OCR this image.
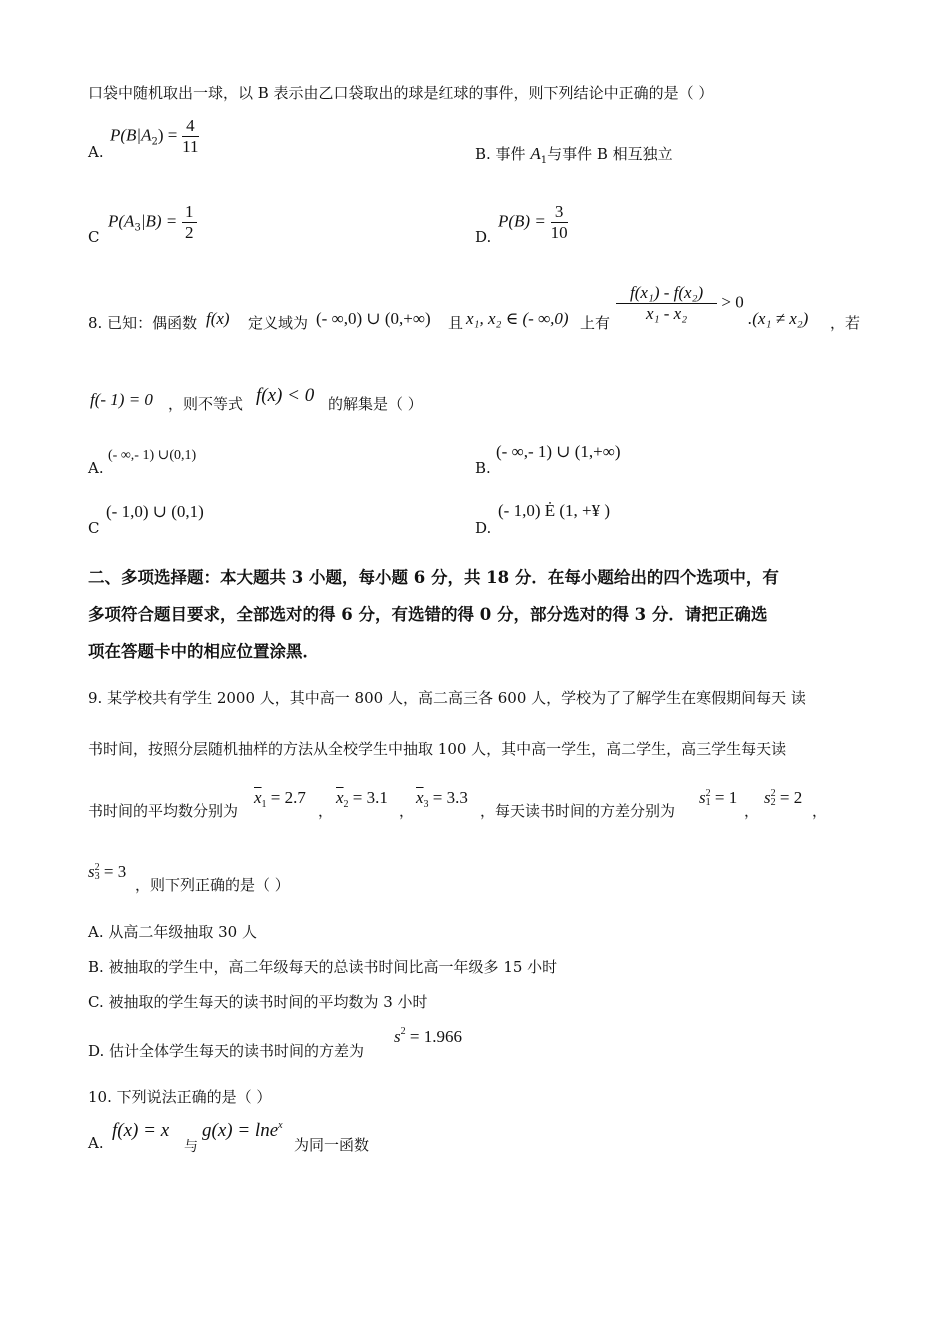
口袋中随机取出一球，以 B 表示由乙口袋取出的球是红球的事件，则下列结论中正确的是（ ）
A.
$P(B|A_2) = \frac{4}{11}$	B. 事件 $A_1$与事件 B 相互独立
C
$P(A_3|B) = \frac{1}{2}$	D.
$P(B) = \frac{3}{10}$
8. 已知：偶函数 f(x) 定义域为 (- ∞,0) ∪ (0,+∞) 且 x₁, x₂ ∈ (- ∞,0) 上有 $\frac{\text{f(x₁) - f(x₂)}}{\text{x₁ - x₂}} > 0$
.(x₁ ≠ x₂) ，若
f(- 1) = 0 ，则不等式 f(x) < 0 的解集是（ ）
A.
(- ∞,- 1) ∪(0,1)
B.
(- ∞,- 1) ∪ (1,+∞)
C
(- 1,0) ∪ (0,1)
D.
(- 1,0) Ė (1, +¥ )
二、多项选择题：本大题共 3 小题，每小题 6 分，共 18 分．在每小题给出的四个选项中，有
多项符合题目要求，全部选对的得 6 分，有选错的得 0 分，部分选对的得 3 分．请把正确选
项在答题卡中的相应位置涂黑．
9. 某学校共有学生 2000 人，其中高一 800 人，高二高三各 600 人，学校为了了解学生在寒假期间每天 读
书时间，按照分层随机抽样的方法从全校学生中抽取 100 人，其中高一学生，高二学生，高三学生每天读
书时间的平均数分别为
$\overline{x}_1 = 2.7$
，
$\overline{x}_2 = 3.1$
，
$\overline{x}_3 = 3.3$
，每天读书时间的方差分别为
s 2
1 = 1
，
s 2
2 = 2
，
s 2
3 = 3
，则下列正确的是（ ）
A. 从高二年级抽取 30 人
B. 被抽取的学生中，高二年级每天的总读书时间比高一年级多 15 小时
C. 被抽取的学生每天的读书时间的平均数为 3 小时
D. 估计全体学生每天的读书时间的方差为
$s^2 = 1.966$
10. 下列说法正确的是（ ）
A.
f(x) = x
与
g(x) = lne$^x$
为同一函数
